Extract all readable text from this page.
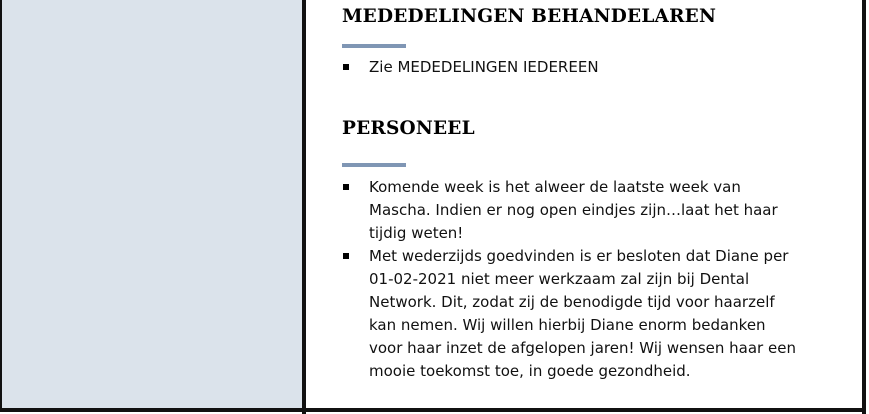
MEDEDELINGEN BEHANDELAREN
Zie MEDEDELINGEN IEDEREEN
PERSONEEL
Komende week is het alweer de laatste week van Mascha. Indien er nog open eindjes zijn…laat het haar tijdig weten!
Met wederzijds goedvinden is er besloten dat Diane per 01-02-2021 niet meer werkzaam zal zijn bij Dental Network. Dit, zodat zij de benodigde tijd voor haarzelf kan nemen. Wij willen hierbij Diane enorm bedanken voor haar inzet de afgelopen jaren! Wij wensen haar een mooie toekomst toe, in goede gezondheid.
